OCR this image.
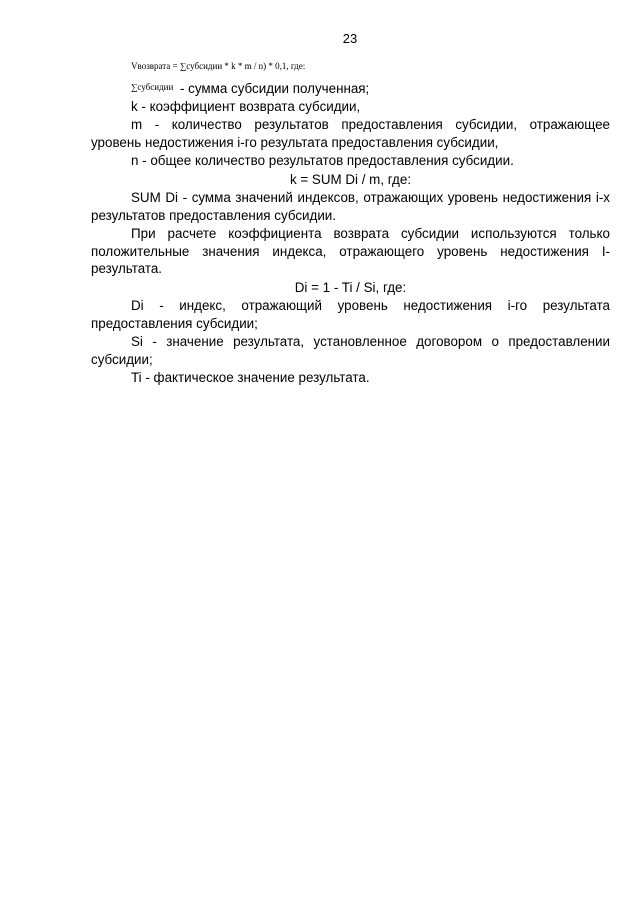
23
Vвозврата = ∑субсидии * k * m / n) * 0,1, где:

$^{\sum субсидии}$ - сумма субсидии полученная;

k - коэффициент возврата субсидии,

m - количество результатов предоставления субсидии, отражающее уровень недостижения i-го результата предоставления субсидии,

n - общее количество результатов предоставления субсидии.

k = SUM Di / m, где:

SUM Di - сумма значений индексов, отражающих уровень недостижения i-х результатов предоставления субсидии.

При расчете коэффициента возврата субсидии используются только положительные значения индекса, отражающего уровень недостижения I-результата.

Di = 1 - Ti / Si, где:

Di - индекс, отражающий уровень недостижения i-го результата предоставления субсидии;

Si - значение результата, установленное договором о предоставлении субсидии;

Ti - фактическое значение результата.
